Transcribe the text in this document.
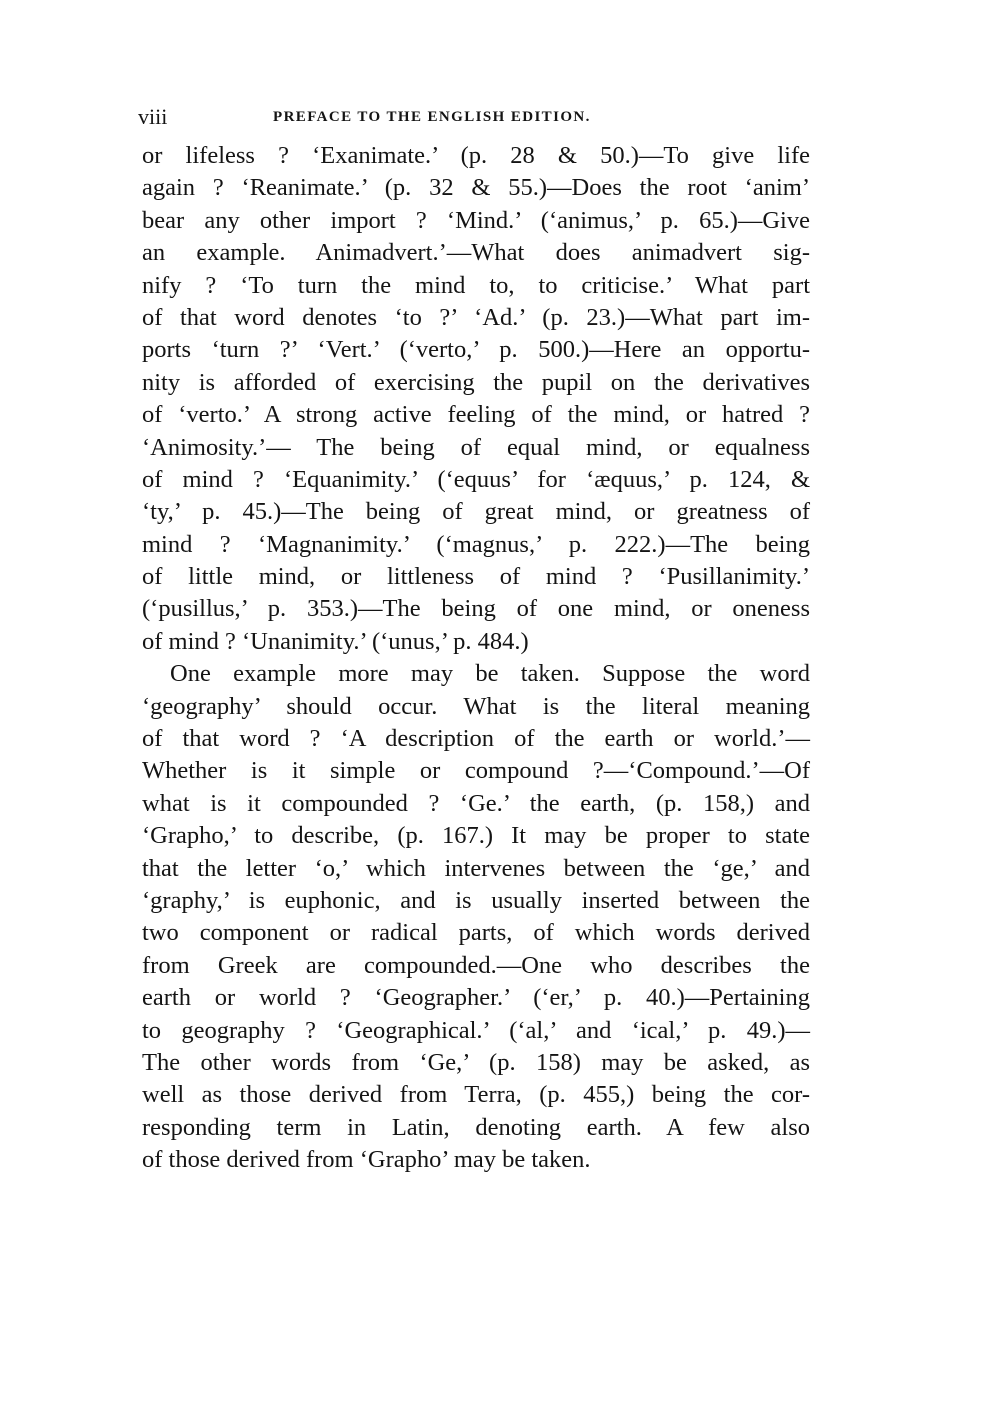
viii	PREFACE TO THE ENGLISH EDITION.
or lifeless ? ‘Exanimate.’ (p. 28 & 50.)—To give life
again ? ‘Reanimate.’ (p. 32 & 55.)—Does the root ‘anim’
bear any other import ? ‘Mind.’ (‘animus,’ p. 65.)—Give
an example. Animadvert.’—What does animadvert sig-
nify ? ‘To turn the mind to, to criticise.’ What part
of that word denotes ‘to ?’ ‘Ad.’ (p. 23.)—What part im-
ports ‘turn ?’ ‘Vert.’ (‘verto,’ p. 500.)—Here an opportu-
nity is afforded of exercising the pupil on the derivatives
of ‘verto.’ A strong active feeling of the mind, or hatred ?
‘Animosity.’— The being of equal mind, or equalness
of mind ? ‘Equanimity.’ (‘equus’ for ‘æquus,’ p. 124, &
‘ty,’ p. 45.)—The being of great mind, or greatness of
mind ? ‘Magnanimity.’ (‘magnus,’ p. 222.)—The being
of little mind, or littleness of mind ? ‘Pusillanimity.’
(‘pusillus,’ p. 353.)—The being of one mind, or oneness
of mind ? ‘Unanimity.’ (‘unus,’ p. 484.)
One example more may be taken. Suppose the word
‘geography’ should occur. What is the literal meaning
of that word ? ‘A description of the earth or world.’—
Whether is it simple or compound ?—‘Compound.’—Of
what is it compounded ? ‘Ge.’ the earth, (p. 158,) and
‘Grapho,’ to describe, (p. 167.) It may be proper to state
that the letter ‘o,’ which intervenes between the ‘ge,’ and
‘graphy,’ is euphonic, and is usually inserted between the
two component or radical parts, of which words derived
from Greek are compounded.—One who describes the
earth or world ? ‘Geographer.’ (‘er,’ p. 40.)—Pertaining
to geography ? ‘Geographical.’ (‘al,’ and ‘ical,’ p. 49.)—
The other words from ‘Ge,’ (p. 158) may be asked, as
well as those derived from Terra, (p. 455,) being the cor-
responding term in Latin, denoting earth. A few also
of those derived from ‘Grapho’ may be taken.
